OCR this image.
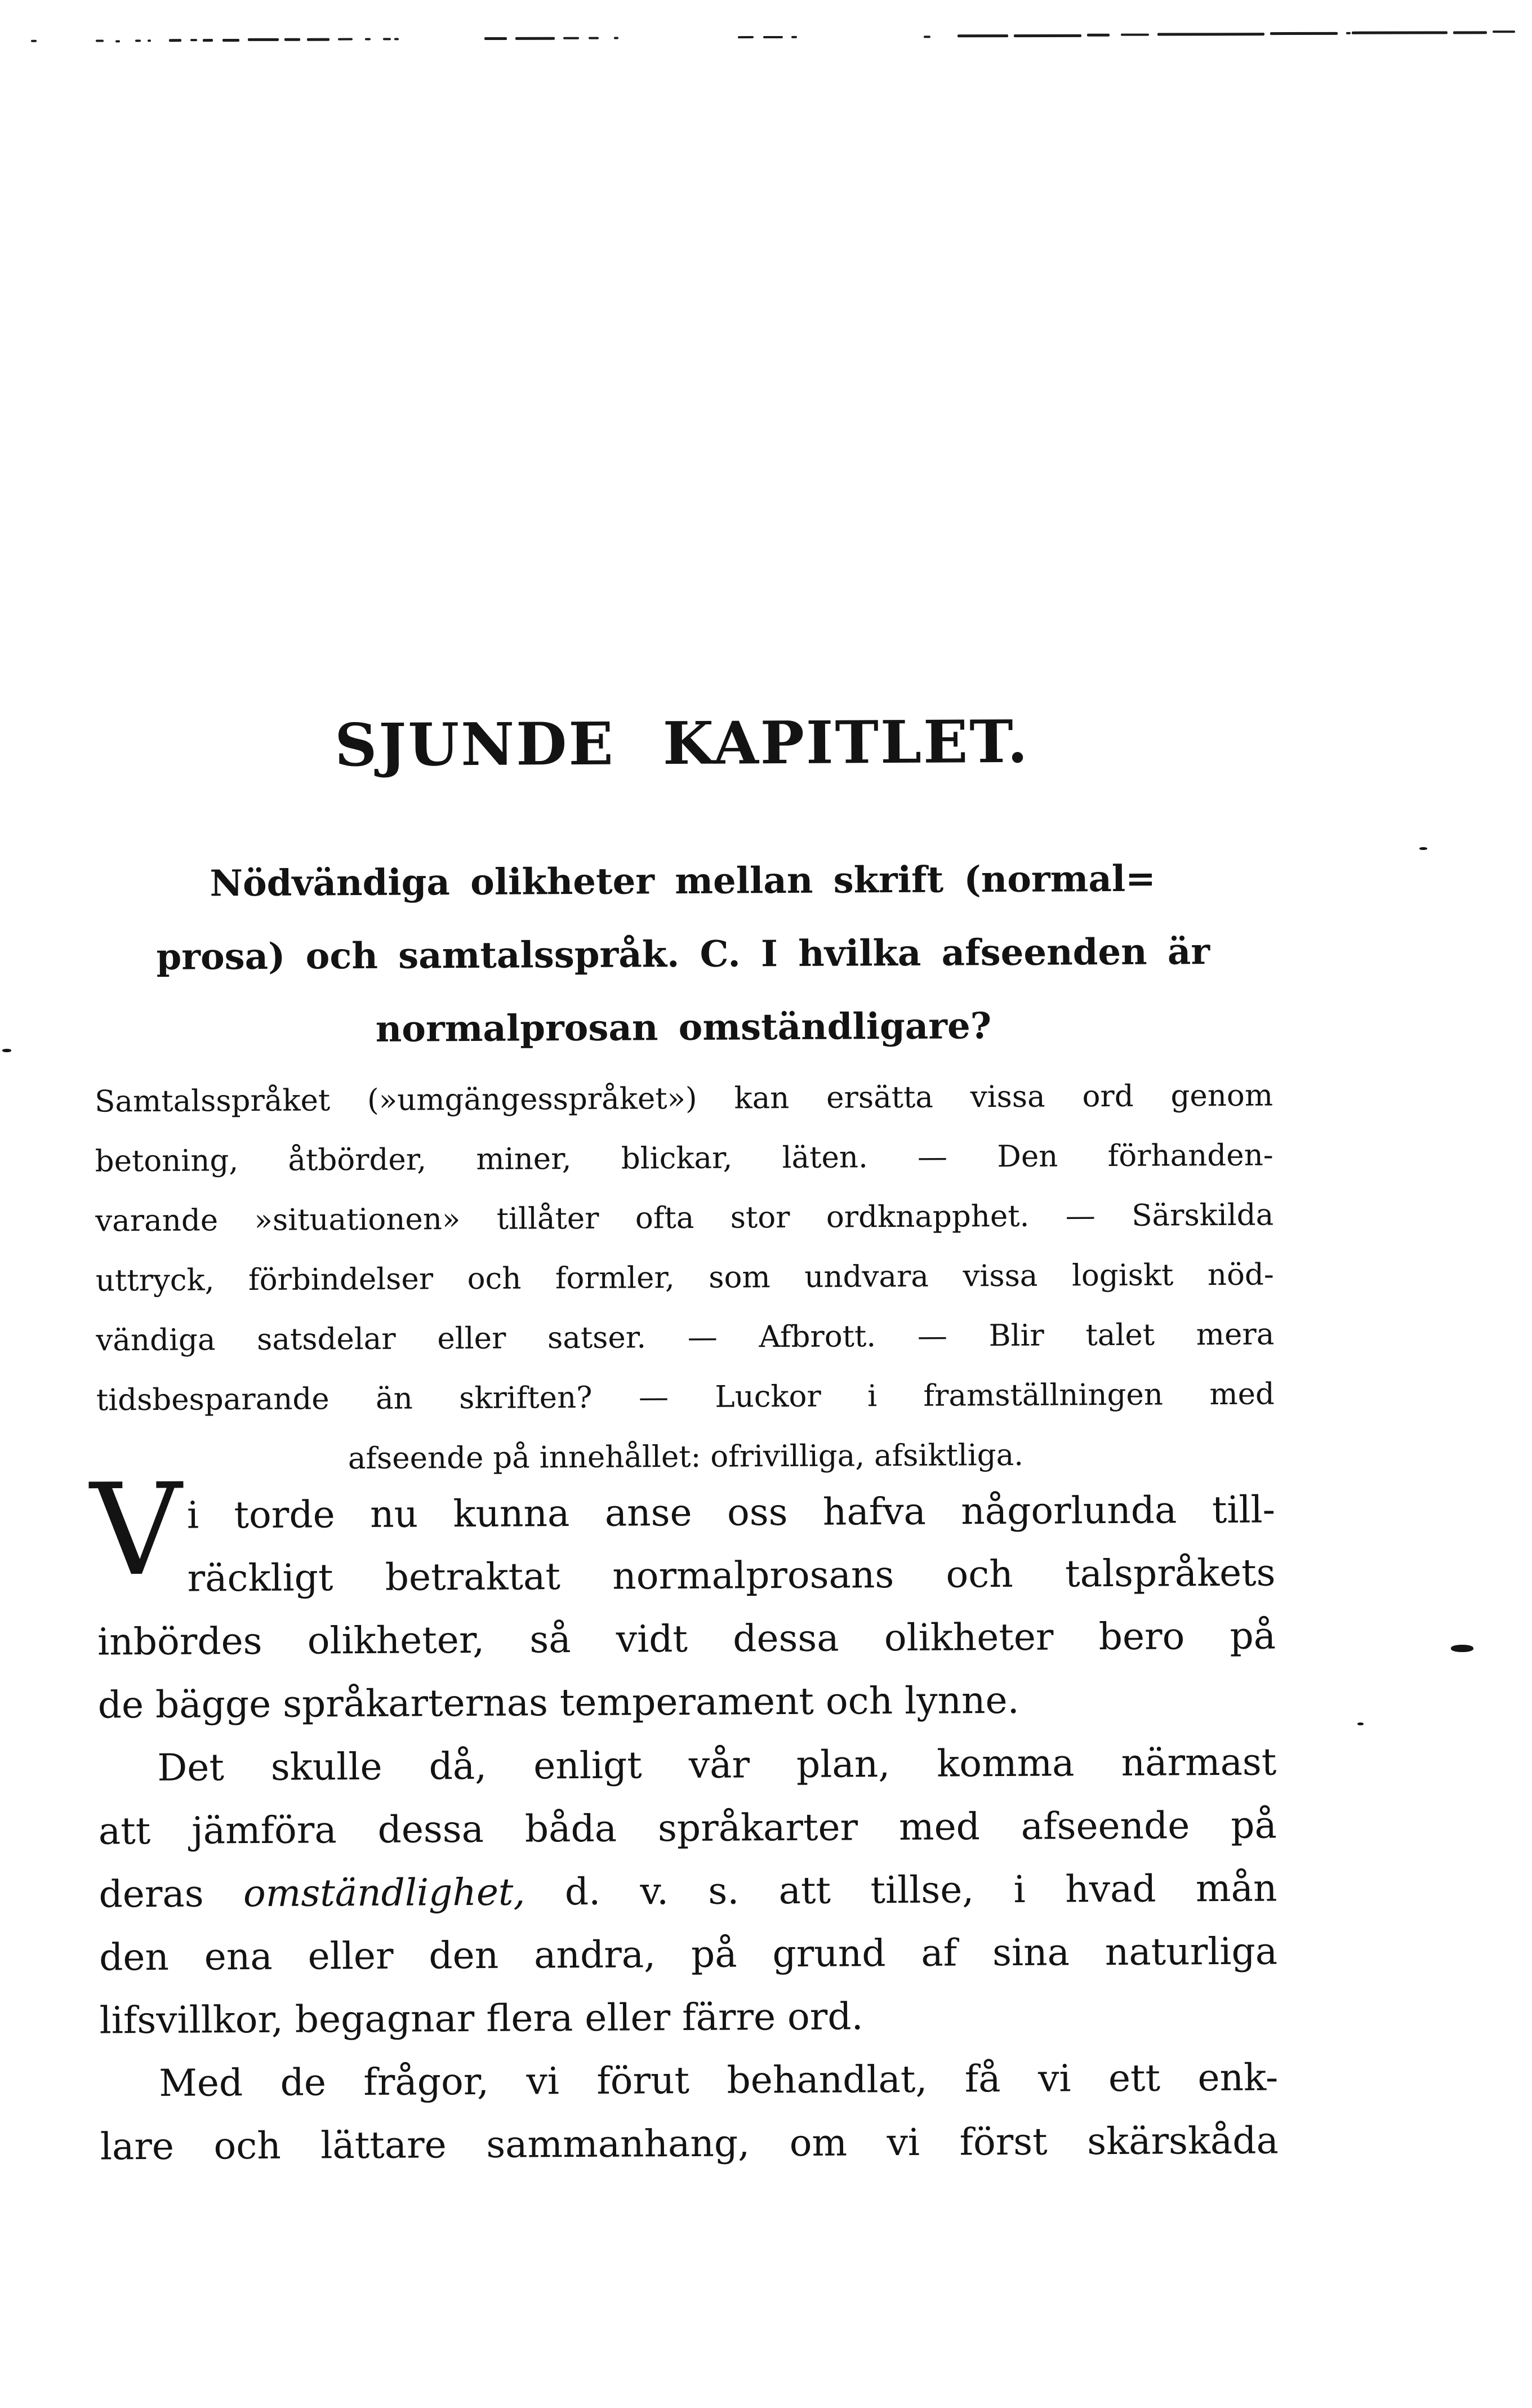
SJUNDE KAPITLET.
Nödvändiga olikheter mellan skrift (normal=
prosa) och samtalsspråk. C. I hvilka afseenden är
normalprosan omständligare?
Samtalsspråket (»umgängesspråket») kan ersätta vissa ord genom
betoning, åtbörder, miner, blickar, läten. — Den förhanden-
varande »situationen» tillåter ofta stor ordknapphet. — Särskilda
uttryck, förbindelser och formler, som undvara vissa logiskt nöd-
vändiga satsdelar eller satser. — Afbrott. — Blir talet mera
tidsbesparande än skriften? — Luckor i framställningen med
afseende på innehållet: ofrivilliga, afsiktliga.
V i torde nu kunna anse oss hafva någorlunda till-
räckligt betraktat normalprosans och talspråkets
inbördes olikheter, så vidt dessa olikheter bero på
de bägge språkarternas temperament och lynne.
Det skulle då, enligt vår plan, komma närmast
att jämföra dessa båda språkarter med afseende på
deras omständlighet, d. v. s. att tillse, i hvad mån
den ena eller den andra, på grund af sina naturliga
lifsvillkor, begagnar flera eller färre ord.
Med de frågor, vi förut behandlat, få vi ett enk-
lare och lättare sammanhang, om vi först skärskåda
